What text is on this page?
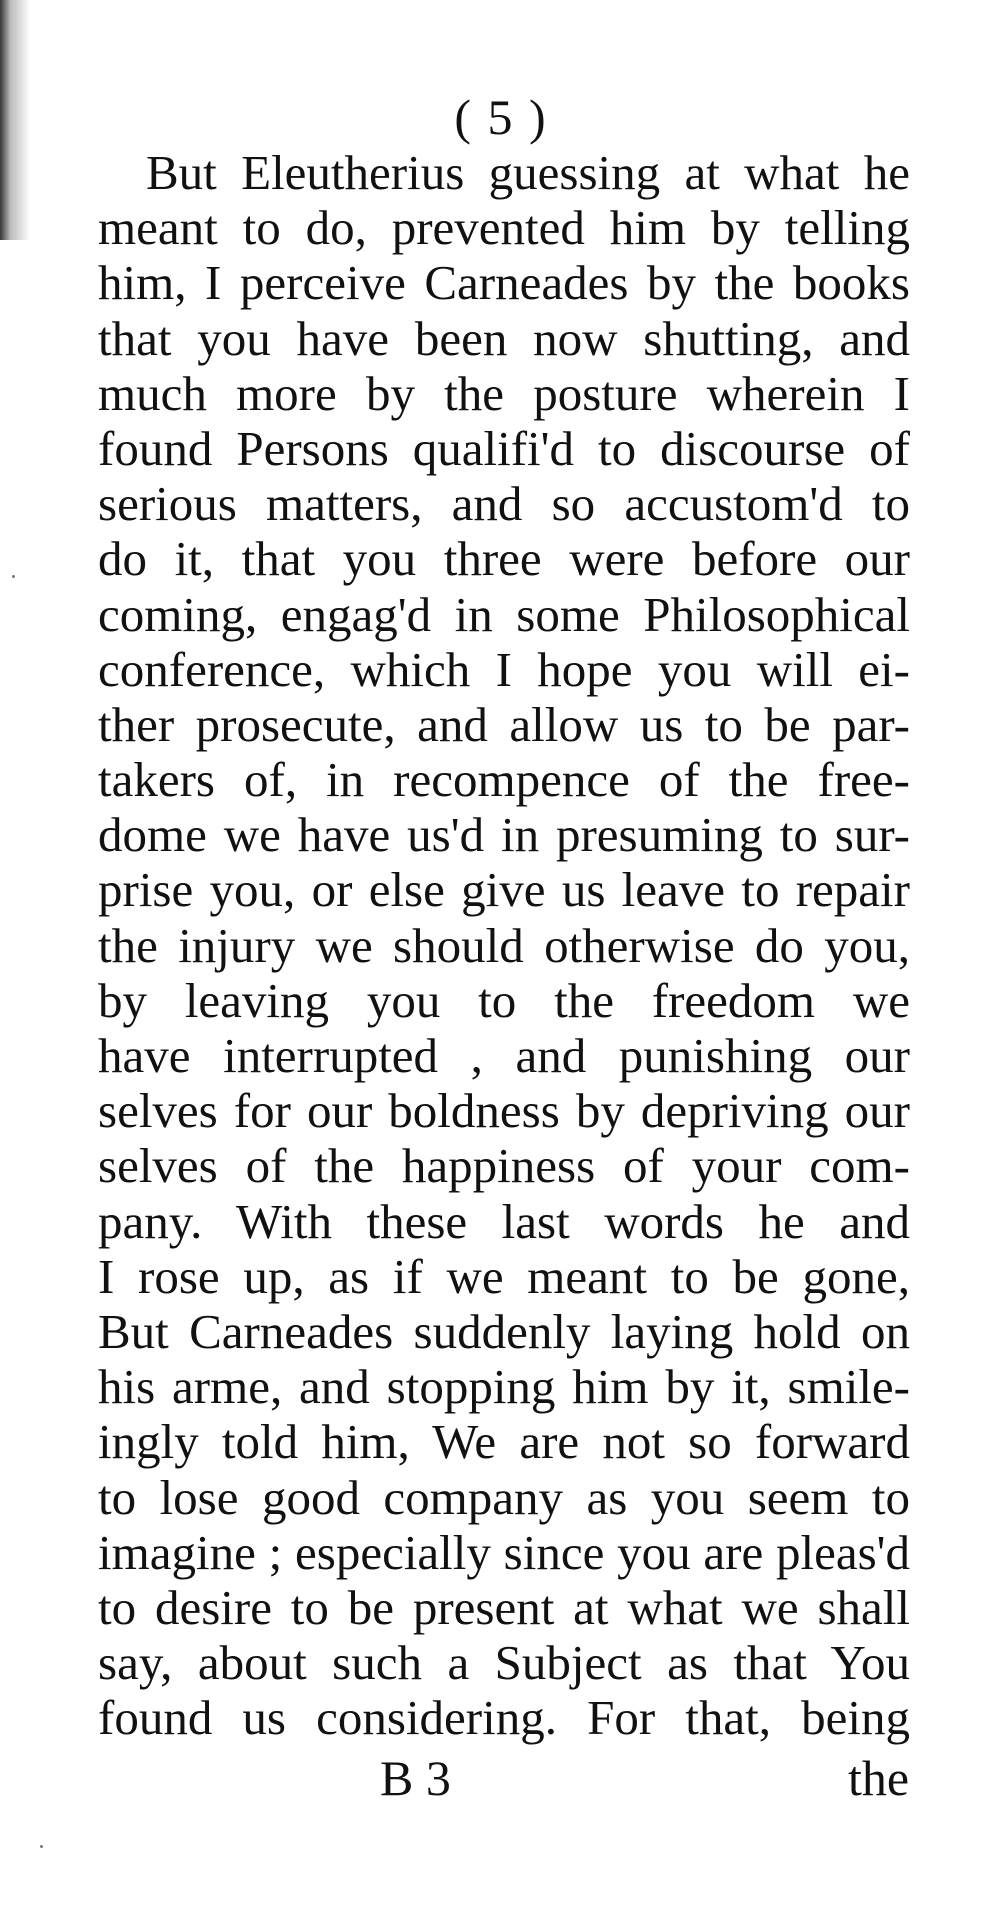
( 5 )
But Eleutherius guessing at what he
meant to do, prevented him by telling
him, I perceive Carneades by the books
that you have been now shutting, and
much more by the posture wherein I
found Persons qualifi'd to discourse of
serious matters, and so accustom'd to
do it, that you three were before our
coming, engag'd in some Philosophical
conference, which I hope you will ei-
ther prosecute, and allow us to be par-
takers of, in recompence of the free-
dome we have us'd in presuming to sur-
prise you, or else give us leave to repair
the injury we should otherwise do you,
by leaving you to the freedom we
have interrupted , and punishing our
selves for our boldness by depriving our
selves of the happiness of your com-
pany. With these last words he and
I rose up, as if we meant to be gone,
But Carneades suddenly laying hold on
his arme, and stopping him by it, smile-
ingly told him, We are not so forward
to lose good company as you seem to
imagine ; especially since you are pleas'd
to desire to be present at what we shall
say, about such a Subject as that You
found us considering. For that, being
B 3	the
